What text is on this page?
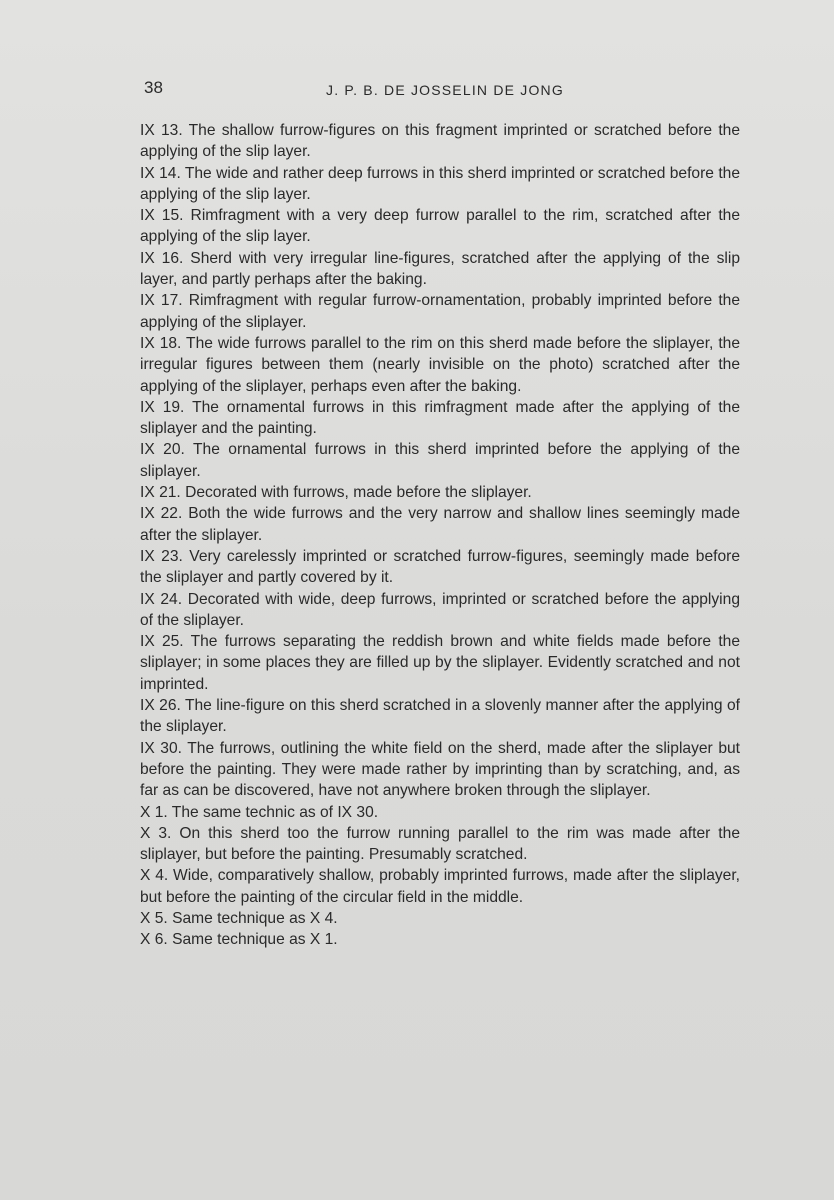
38	J. P. B. DE JOSSELIN DE JONG

IX 13. The shallow furrow-figures on this fragment imprinted or scratched before the applying of the slip layer.

IX 14. The wide and rather deep furrows in this sherd imprinted or scratched before the applying of the slip layer.

IX 15. Rimfragment with a very deep furrow parallel to the rim, scratched after the applying of the slip layer.

IX 16. Sherd with very irregular line-figures, scratched after the applying of the slip layer, and partly perhaps after the baking.

IX 17. Rimfragment with regular furrow-ornamentation, probably imprinted before the applying of the sliplayer.

IX 18. The wide furrows parallel to the rim on this sherd made before the sliplayer, the irregular figures between them (nearly invisible on the photo) scratched after the applying of the sliplayer, perhaps even after the baking.

IX 19. The ornamental furrows in this rimfragment made after the applying of the sliplayer and the painting.

IX 20. The ornamental furrows in this sherd imprinted before the applying of the sliplayer.

IX 21. Decorated with furrows, made before the sliplayer.

IX 22. Both the wide furrows and the very narrow and shallow lines seemingly made after the sliplayer.

IX 23. Very carelessly imprinted or scratched furrow-figures, seemingly made before the sliplayer and partly covered by it.

IX 24. Decorated with wide, deep furrows, imprinted or scratched before the applying of the sliplayer.

IX 25. The furrows separating the reddish brown and white fields made before the sliplayer; in some places they are filled up by the sliplayer. Evidently scratched and not imprinted.

IX 26. The line-figure on this sherd scratched in a slovenly manner after the applying of the sliplayer.

IX 30. The furrows, outlining the white field on the sherd, made after the sliplayer but before the painting. They were made rather by imprinting than by scratching, and, as far as can be discovered, have not anywhere broken through the sliplayer.

X 1. The same technic as of IX 30.

X 3. On this sherd too the furrow running parallel to the rim was made after the sliplayer, but before the painting. Presumably scratched.

X 4. Wide, comparatively shallow, probably imprinted furrows, made after the sliplayer, but before the painting of the circular field in the middle.

X 5. Same technique as X 4.

X 6. Same technique as X 1.
